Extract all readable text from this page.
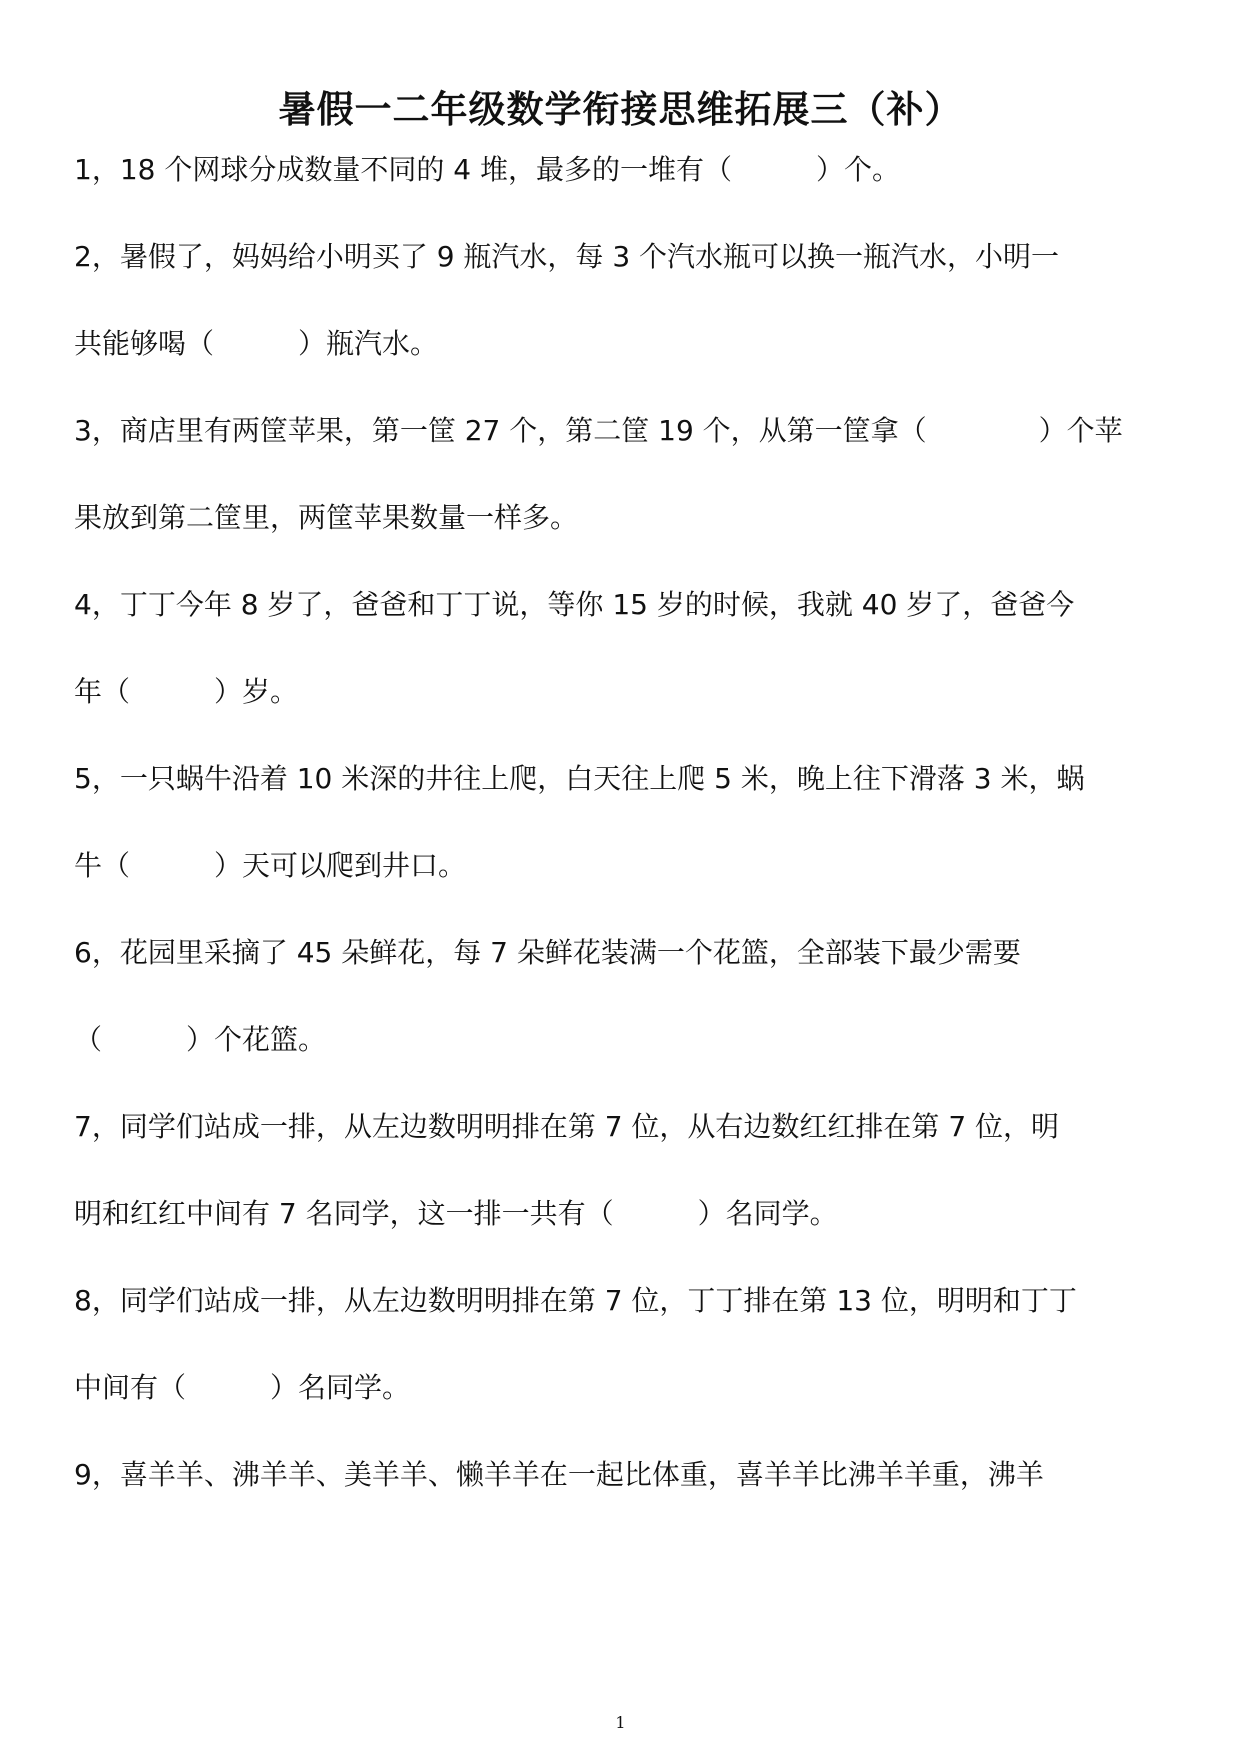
暑假一二年级数学衔接思维拓展三（补）
1，18 个网球分成数量不同的 4 堆，最多的一堆有（　　　）个。
2，暑假了，妈妈给小明买了 9 瓶汽水，每 3 个汽水瓶可以换一瓶汽水，小明一
共能够喝（　　　）瓶汽水。
3，商店里有两筐苹果，第一筐 27 个，第二筐 19 个，从第一筐拿（　　　　）个苹
果放到第二筐里，两筐苹果数量一样多。
4，丁丁今年 8 岁了，爸爸和丁丁说，等你 15 岁的时候，我就 40 岁了，爸爸今
年（　　　）岁。
5，一只蜗牛沿着 10 米深的井往上爬，白天往上爬 5 米，晚上往下滑落 3 米，蜗
牛（　　　）天可以爬到井口。
6，花园里采摘了 45 朵鲜花，每 7 朵鲜花装满一个花篮，全部装下最少需要
（　　　）个花篮。
7，同学们站成一排，从左边数明明排在第 7 位，从右边数红红排在第 7 位，明
明和红红中间有 7 名同学，这一排一共有（　　　）名同学。
8，同学们站成一排，从左边数明明排在第 7 位，丁丁排在第 13 位，明明和丁丁
中间有（　　　）名同学。
9，喜羊羊、沸羊羊、美羊羊、懒羊羊在一起比体重，喜羊羊比沸羊羊重，沸羊
1
